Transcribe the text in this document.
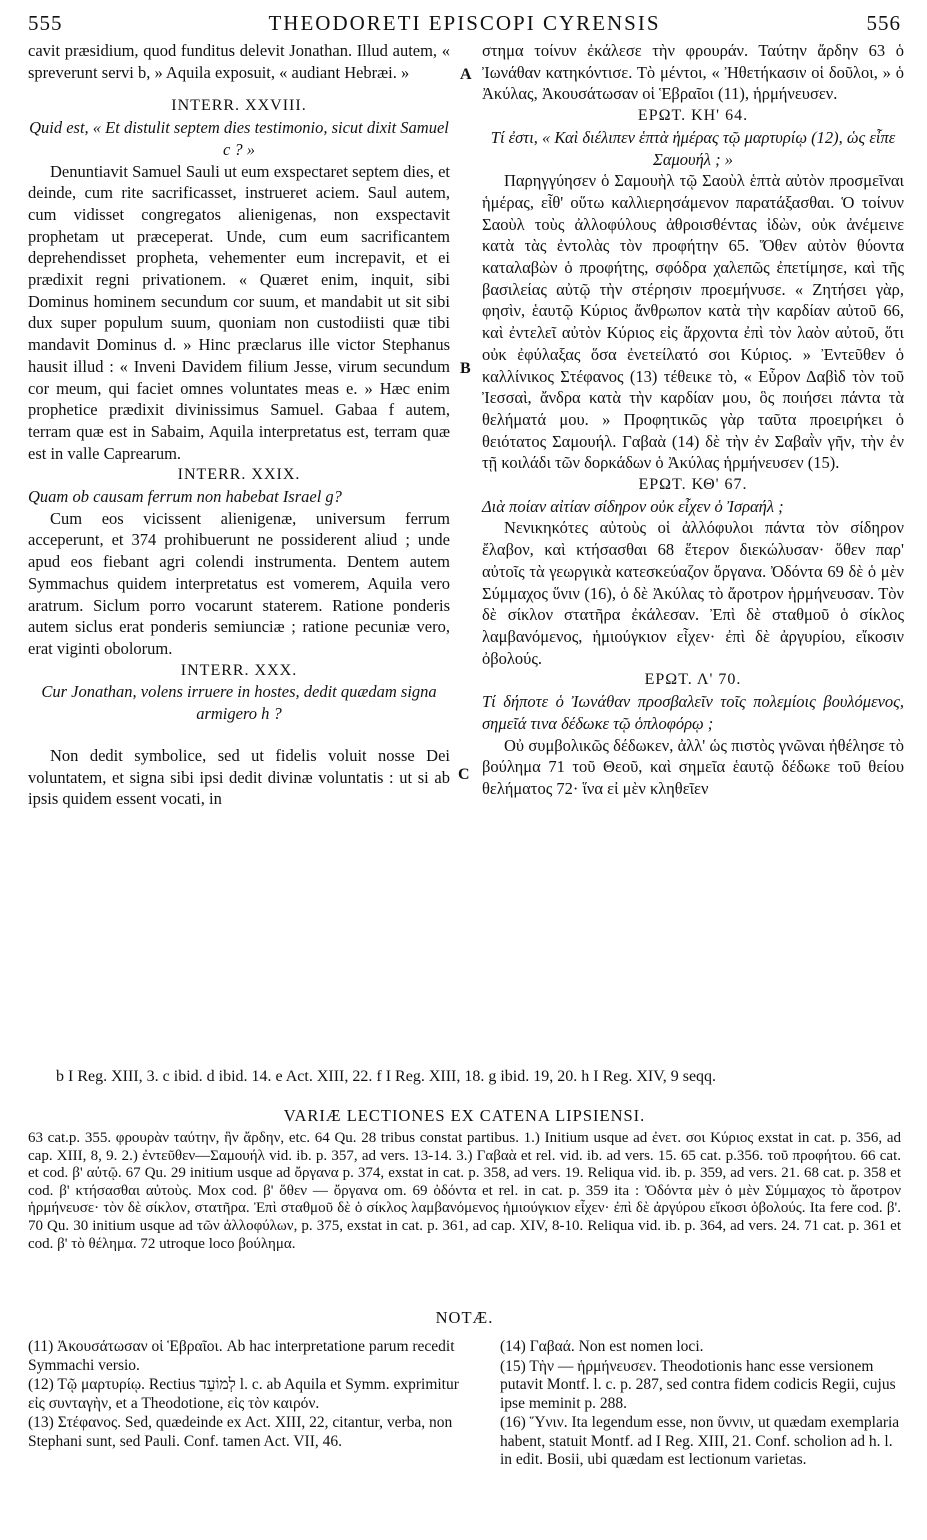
555	THEODORETI EPISCOPI CYRENSIS	556

cavit præsidium, quod funditus delevit Jonathan. Illud autem, « spreverunt servi b, » Aquila exposuit, « audiant Hebræi. »

INTERR. XXVIII.

Quid est, « Et distulit septem dies testimonio, sicut dixit Samuel c ? »

Denuntiavit Samuel Sauli ut eum exspectaret septem dies, et deinde, cum rite sacrificasset, instrueret aciem. Saul autem, cum vidisset congregatos alienigenas, non exspectavit prophetam ut præceperat. Unde, cum eum sacrificantem deprehendisset propheta, vehementer eum increpavit, et ei prædixit regni privationem. « Quæret enim, inquit, sibi Dominus hominem secundum cor suum, et mandabit ut sit sibi dux super populum suum, quoniam non custodiisti quæ tibi mandavit Dominus d. » Hinc præclarus ille victor Stephanus hausit illud : « Inveni Davidem filium Jesse, virum secundum cor meum, qui faciet omnes voluntates meas e. » Hæc enim prophetice prædixit divinissimus Samuel. Gabaa f autem, terram quæ est in Sabaim, Aquila interpretatus est, terram quæ est in valle Caprearum.

INTERR. XXIX.

Quam ob causam ferrum non habebat Israel g?

Cum eos vicissent alienigenæ, universum ferrum acceperunt, et 374 prohibuerunt ne possiderent aliud ; unde apud eos fiebant agri colendi instrumenta. Dentem autem Symmachus quidem interpretatus est vomerem, Aquila vero aratrum. Siclum porro vocarunt staterem. Ratione ponderis autem siclus erat ponderis semiunciæ ; ratione pecuniæ vero, erat viginti obolorum.

INTERR. XXX.

Cur Jonathan, volens irruere in hostes, dedit quædam signa armigero h ?

Non dedit symbolice, sed ut fidelis voluit nosse Dei voluntatem, et signa sibi ipsi dedit divinæ voluntatis : ut si ab ipsis quidem essent vocati, in

A
B
C

στημα τοίνυν ἐκάλεσε τὴν φρουράν. Ταύτην ἄρδην 63 ὁ Ἰωνάθαν κατηκόντισε. Τὸ μέντοι, « Ἠθετήκασιν οἱ δοῦλοι, » ὁ Ἀκύλας, Ἀκουσάτωσαν οἱ Ἑβραῖοι (11), ἡρμήνευσεν.

ΕΡΩΤ. ΚΗ' 64.

Τί ἐστι, « Καὶ διέλιπεν ἑπτὰ ἡμέρας τῷ μαρτυρίῳ (12), ὡς εἶπε Σαμουήλ ; »

Παρηγγύησεν ὁ Σαμουὴλ τῷ Σαοὺλ ἑπτὰ αὐτὸν προσμεῖναι ἡμέρας, εἶθ' οὕτω καλλιερησάμενον παρατάξασθαι. Ὁ τοίνυν Σαοὺλ τοὺς ἀλλοφύλους ἀθροισθέντας ἰδὼν, οὐκ ἀνέμεινε κατὰ τὰς ἐντολὰς τὸν προφήτην 65. Ὅθεν αὐτὸν θύοντα καταλαβὼν ὁ προφήτης, σφόδρα χαλεπῶς ἐπετίμησε, καὶ τῆς βασιλείας αὐτῷ τὴν στέρησιν προεμήνυσε. « Ζητήσει γὰρ, φησὶν, ἑαυτῷ Κύριος ἄνθρωπον κατὰ τὴν καρδίαν αὐτοῦ 66, καὶ ἐντελεῖ αὐτὸν Κύριος εἰς ἄρχοντα ἐπὶ τὸν λαὸν αὐτοῦ, ὅτι οὐκ ἐφύλαξας ὅσα ἐνετείλατό σοι Κύριος. » Ἐντεῦθεν ὁ καλλίνικος Στέφανος (13) τέθεικε τὸ, « Εὗρον Δαβὶδ τὸν τοῦ Ἰεσσαὶ, ἄνδρα κατὰ τὴν καρδίαν μου, ὃς ποιήσει πάντα τὰ θελήματά μου. » Προφητικῶς γὰρ ταῦτα προειρήκει ὁ θειότατος Σαμουήλ. Γαβαὰ (14) δὲ τὴν ἐν Σαβαῒν γῆν, τὴν ἐν τῇ κοιλάδι τῶν δορκάδων ὁ Ἀκύλας ἡρμήνευσεν (15).

ΕΡΩΤ. ΚΘ' 67.

Διὰ ποίαν αἰτίαν σίδηρον οὐκ εἶχεν ὁ Ἰσραήλ ;

Νενικηκότες αὐτοὺς οἱ ἀλλόφυλοι πάντα τὸν σίδηρον ἔλαβον, καὶ κτήσασθαι 68 ἕτερον διεκώλυσαν· ὅθεν παρ' αὐτοῖς τὰ γεωργικὰ κατεσκεύαζον ὄργανα. Ὀδόντα 69 δὲ ὁ μὲν Σύμμαχος ὕνιν (16), ὁ δὲ Ἀκύλας τὸ ἄροτρον ἡρμήνευσαν. Τὸν δὲ σίκλον στατῆρα ἐκάλεσαν. Ἐπὶ δὲ σταθμοῦ ὁ σίκλος λαμβανόμενος, ἡμιούγκιον εἶχεν· ἐπὶ δὲ ἀργυρίου, εἴκοσιν ὀβολούς.

ΕΡΩΤ. Λ' 70.

Τί δήποτε ὁ Ἰωνάθαν προσβαλεῖν τοῖς πολεμίοις βουλόμενος, σημεῖά τινα δέδωκε τῷ ὁπλοφόρῳ ;

Οὐ συμβολικῶς δέδωκεν, ἀλλ' ὡς πιστὸς γνῶναι ἠθέλησε τὸ βούλημα 71 τοῦ Θεοῦ, καὶ σημεῖα ἑαυτῷ δέδωκε τοῦ θείου θελήματος 72· ἵνα εἰ μὲν κληθεῖεν

b I Reg. XIII, 3. c ibid. d ibid. 14. e Act. XIII, 22. f I Reg. XIII, 18. g ibid. 19, 20. h I Reg. XIV, 9 seqq.

VARIÆ LECTIONES EX CATENA LIPSIENSI.

63 cat.p. 355. φρουρὰν ταύτην, ἣν ἄρδην, etc. 64 Qu. 28 tribus constat partibus. 1.) Initium usque ad ἐνετ. σοι Κύριος exstat in cat. p. 356, ad cap. XIII, 8, 9. 2.) ἐντεῦθεν—Σαμουήλ vid. ib. p. 357, ad vers. 13-14. 3.) Γαβαὰ et rel. vid. ib. ad vers. 15. 65 cat. p.356. τοῦ προφήτου. 66 cat. et cod. β' αὐτῷ. 67 Qu. 29 initium usque ad ὄργανα p. 374, exstat in cat. p. 358, ad vers. 19. Reliqua vid. ib. p. 359, ad vers. 21. 68 cat. p. 358 et cod. β' κτήσασθαι αὐτοὺς. Mox cod. β' ὅθεν — ὄργανα om. 69 ὀδόντα et rel. in cat. p. 359 ita : Ὀδόντα μὲν ὁ μὲν Σύμμαχος τὸ ἄροτρον ἡρμήνευσε· τὸν δὲ σίκλον, στατῆρα. Ἐπὶ σταθμοῦ δὲ ὁ σίκλος λαμβανόμενος ἡμιούγκιον εἶχεν· ἐπὶ δὲ ἀργύρου εἴκοσι ὀβολούς. Ita fere cod. β'. 70 Qu. 30 initium usque ad τῶν ἀλλοφύλων, p. 375, exstat in cat. p. 361, ad cap. XIV, 8-10. Reliqua vid. ib. p. 364, ad vers. 24. 71 cat. p. 361 et cod. β' τὸ θέλημα. 72 utroque loco βούλημα.

NOTÆ.

(11) Ἀκουσάτωσαν οἱ Ἑβραῖοι. Ab hac interpretatione parum recedit Symmachi versio.

(12) Τῷ μαρτυρίῳ. Rectius לְמוֹעֵד l. c. ab Aquila et Symm. exprimitur εἰς συνταγὴν, et a Theodotione, εἰς τὸν καιρόν.

(13) Στέφανος. Sed, quædeinde ex Act. XIII, 22, citantur, verba, non Stephani sunt, sed Pauli. Conf. tamen Act. VII, 46.

(14) Γαβαά. Non est nomen loci.

(15) Τὴν — ἡρμήνευσεν. Theodotionis hanc esse versionem putavit Montf. l. c. p. 287, sed contra fidem codicis Regii, cujus ipse meminit p. 288.

(16) Ὕνιν. Ita legendum esse, non ὕννιν, ut quædam exemplaria habent, statuit Montf. ad I Reg. XIII, 21. Conf. scholion ad h. l. in edit. Bosii, ubi quædam est lectionum varietas.
